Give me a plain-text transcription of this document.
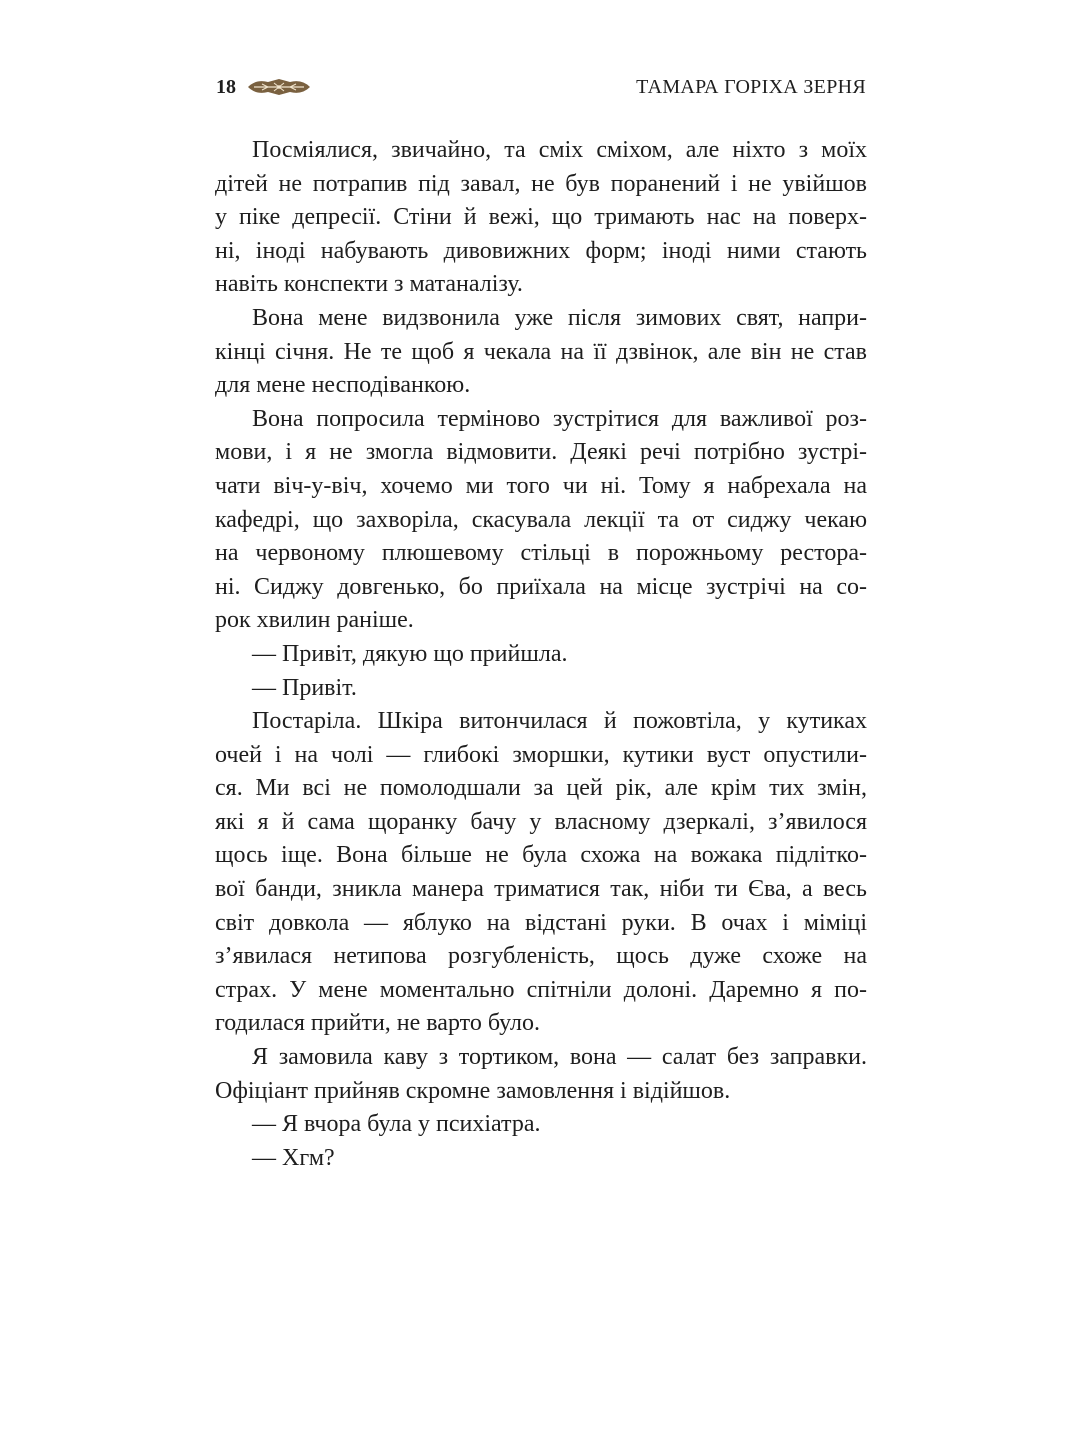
18	ТАМАРА ГОРІХА ЗЕРНЯ
Посміялися, звичайно, та сміх сміхом, але ніхто з моїх
дітей не потрапив під завал, не був поранений і не увійшов
у піке депресії. Стіни й вежі, що тримають нас на поверх-
ні, іноді набувають дивовижних форм; іноді ними стають
навіть конспекти з матаналізу.
Вона мене видзвонила уже після зимових свят, напри-
кінці січня. Не те щоб я чекала на її дзвінок, але він не став
для мене несподіванкою.
Вона попросила терміново зустрітися для важливої роз-
мови, і я не змогла відмовити. Деякі речі потрібно зустрі-
чати віч-у-віч, хочемо ми того чи ні. Тому я набрехала на
кафедрі, що захворіла, скасувала лекції та от сиджу чекаю
на червоному плюшевому стільці в порожньому ресторa-
ні. Сиджу довгенько, бо приїхала на місце зустрічі на со-
рок хвилин раніше.
— Привіт, дякую що прийшла.
— Привіт.
Постаріла. Шкіра витончилася й пожовтіла, у кутиках
очей і на чолі — глибокі зморшки, кутики вуст опустили-
ся. Ми всі не помолодшали за цей рік, але крім тих змін,
які я й сама щоранку бачу у власному дзеркалі, з’явилося
щось іще. Вона більше не була схожа на вожака підлітко-
вої банди, зникла манера триматися так, ніби ти Єва, а весь
світ довкола — яблуко на відстані руки. В очах і міміці
з’явилася нетипова розгубленість, щось дуже схоже на
страх. У мене моментально спітніли долоні. Даремно я по-
годилася прийти, не варто було.
Я замовила каву з тортиком, вона — салат без заправки.
Офіціант прийняв скромне замовлення і відійшов.
— Я вчора була у психіатра.
— Хгм?
